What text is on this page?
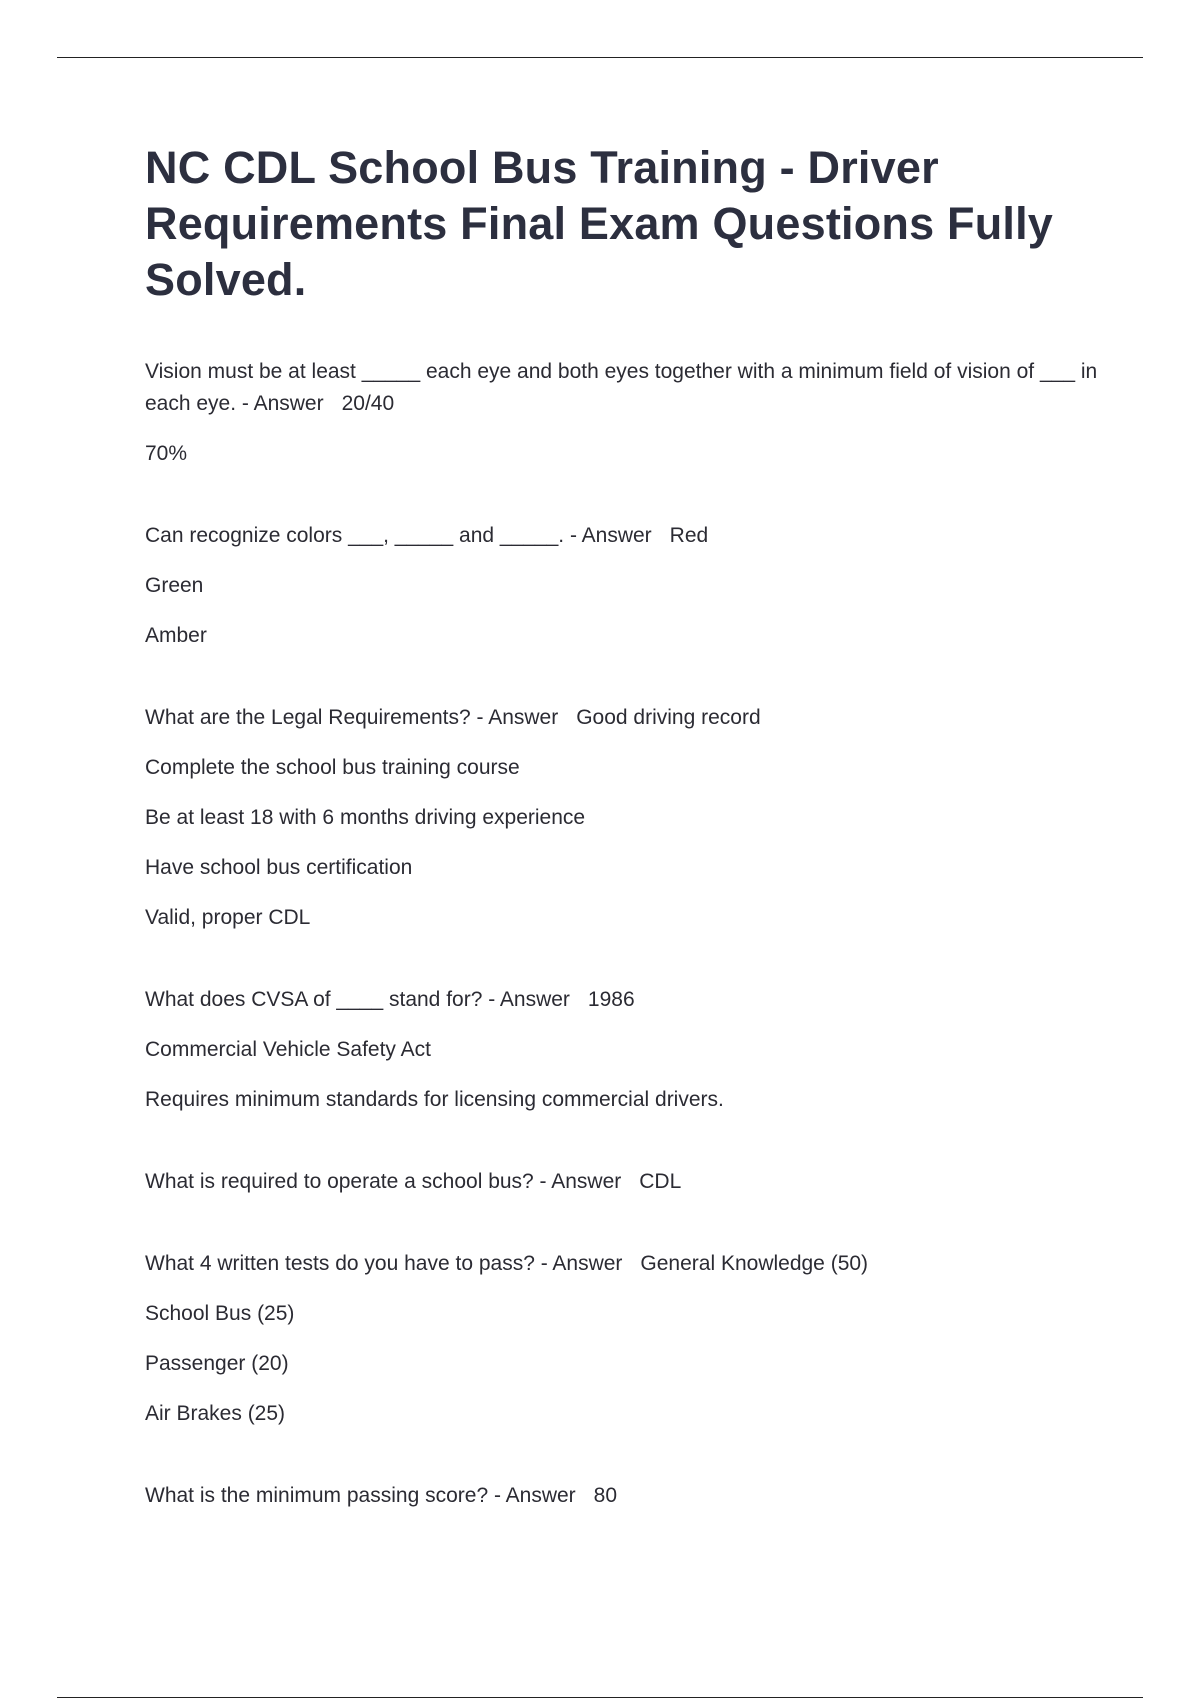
NC CDL School Bus Training - Driver Requirements Final Exam Questions Fully Solved.

Vision must be at least _____ each eye and both eyes together with a minimum field of vision of ___ in each eye. - Answer 20/40

70%

Can recognize colors ___, _____ and _____. - Answer Red

Green
Amber

What are the Legal Requirements? - Answer Good driving record

Complete the school bus training course
Be at least 18 with 6 months driving experience
Have school bus certification
Valid, proper CDL

What does CVSA of ____ stand for? - Answer 1986

Commercial Vehicle Safety Act
Requires minimum standards for licensing commercial drivers.

What is required to operate a school bus? - Answer CDL

What 4 written tests do you have to pass? - Answer General Knowledge (50)

School Bus (25)
Passenger (20)
Air Brakes (25)

What is the minimum passing score? - Answer 80
